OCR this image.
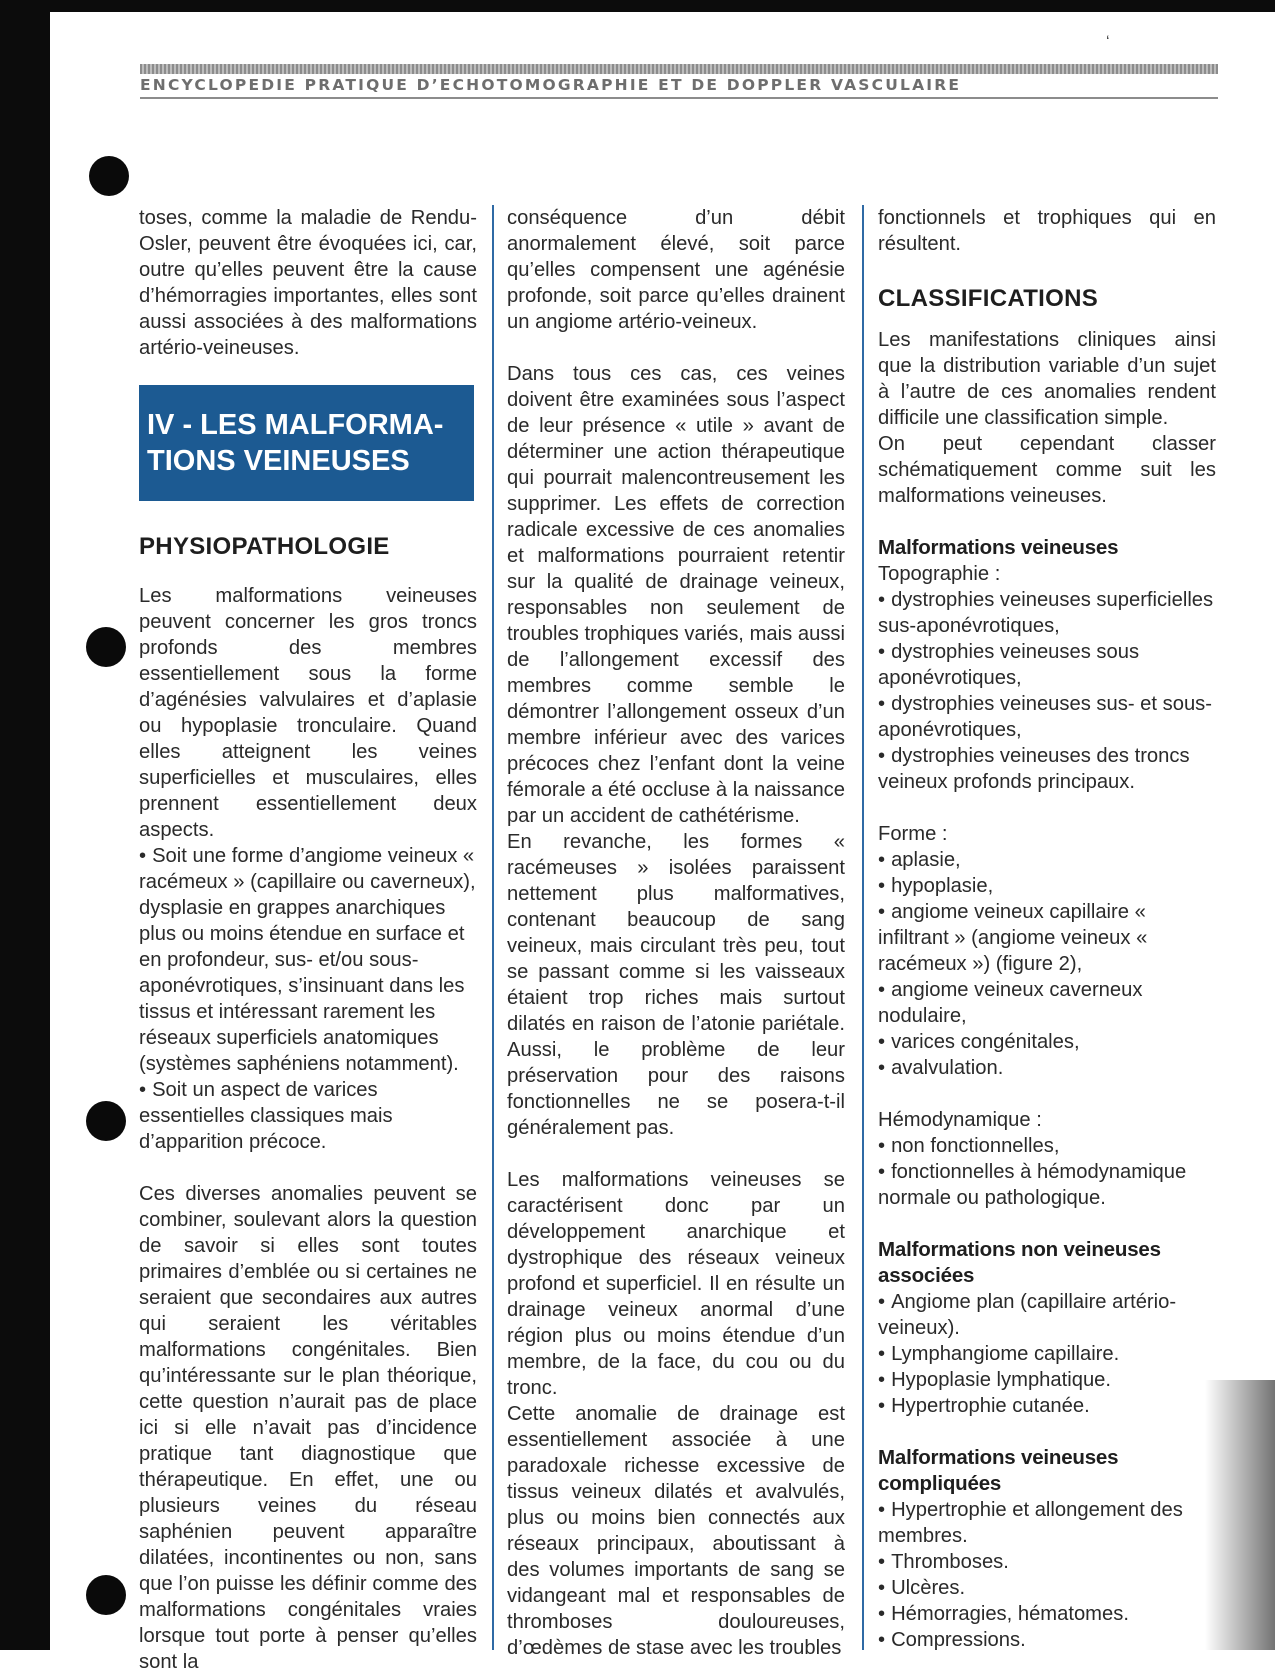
ʻ
ENCYCLOPEDIE PRATIQUE D’ECHOTOMOGRAPHIE ET DE DOPPLER VASCULAIRE

toses, comme la maladie de Rendu-Osler, peuvent être évoquées ici, car, outre qu’elles peuvent être la cause d’hémorragies importantes, elles sont aussi associées à des malformations artério-veineuses.

IV - LES MALFORMA-
TIONS VEINEUSES
PHYSIOPATHOLOGIE

Les malformations veineuses peuvent concerner les gros troncs profonds des membres essentiellement sous la forme d’agénésies valvulaires et d’aplasie ou hypoplasie tronculaire. Quand elles atteignent les veines superficielles et musculaires, elles prennent essentiellement deux aspects.

• Soit une forme d’angiome veineux « racémeux » (capillaire ou caverneux), dysplasie en grappes anarchiques plus ou moins étendue en surface et en profondeur, sus- et/ou sous-aponévrotiques, s’insinuant dans les tissus et intéressant rarement les réseaux superficiels anatomiques (systèmes saphéniens notamment).
• Soit un aspect de varices essentielles classiques mais d’apparition précoce.

Ces diverses anomalies peuvent se combiner, soulevant alors la question de savoir si elles sont toutes primaires d’emblée ou si certaines ne seraient que secondaires aux autres qui seraient les véritables malformations congénitales. Bien qu’intéressante sur le plan théorique, cette question n’aurait pas de place ici si elle n’avait pas d’incidence pratique tant diagnostique que thérapeutique. En effet, une ou plusieurs veines du réseau saphénien peuvent apparaître dilatées, incontinentes ou non, sans que l’on puisse les définir comme des malformations congénitales vraies lorsque tout porte à penser qu’elles sont la

conséquence d’un débit anormalement élevé, soit parce qu’elles compensent une agénésie profonde, soit parce qu’elles drainent un angiome artério-veineux.

Dans tous ces cas, ces veines doivent être examinées sous l’aspect de leur présence « utile » avant de déterminer une action thérapeutique qui pourrait malencontreusement les supprimer. Les effets de correction radicale excessive de ces anomalies et malformations pourraient retentir sur la qualité de drainage veineux, responsables non seulement de troubles trophiques variés, mais aussi de l’allongement excessif des membres comme semble le démontrer l’allongement osseux d’un membre inférieur avec des varices précoces chez l’enfant dont la veine fémorale a été occluse à la naissance par un accident de cathétérisme.

En revanche, les formes « racémeuses » isolées paraissent nettement plus malformatives, contenant beaucoup de sang veineux, mais circulant très peu, tout se passant comme si les vaisseaux étaient trop riches mais surtout dilatés en raison de l’atonie pariétale. Aussi, le problème de leur préservation pour des raisons fonctionnelles ne se posera-t-il généralement pas.

Les malformations veineuses se caractérisent donc par un développement anarchique et dystrophique des réseaux veineux profond et superficiel. Il en résulte un drainage veineux anormal d’une région plus ou moins étendue d’un membre, de la face, du cou ou du tronc.

Cette anomalie de drainage est essentiellement associée à une paradoxale richesse excessive de tissus veineux dilatés et avalvulés, plus ou moins bien connectés aux réseaux principaux, aboutissant à des volumes importants de sang se vidangeant mal et responsables de thromboses douloureuses, d’œdèmes de stase avec les troubles

fonctionnels et trophiques qui en résultent.

CLASSIFICATIONS

Les manifestations cliniques ainsi que la distribution variable d’un sujet à l’autre de ces anomalies rendent difficile une classification simple.

On peut cependant classer schématiquement comme suit les malformations veineuses.

Malformations veineuses
Topographie :
• dystrophies veineuses superficielles sus-aponévrotiques,
• dystrophies veineuses sous aponévrotiques,
• dystrophies veineuses sus- et sous-aponévrotiques,
• dystrophies veineuses des troncs veineux profonds principaux.
Forme :
• aplasie,
• hypoplasie,
• angiome veineux capillaire « infiltrant » (angiome veineux « racémeux ») (figure 2),
• angiome veineux caverneux nodulaire,
• varices congénitales,
• avalvulation.
Hémodynamique :
• non fonctionnelles,
• fonctionnelles à hémodynamique normale ou pathologique.
Malformations non veineuses associées
• Angiome plan (capillaire artério-veineux).
• Lymphangiome capillaire.
• Hypoplasie lymphatique.
• Hypertrophie cutanée.
Malformations veineuses compliquées
• Hypertrophie et allongement des membres.
• Thromboses.
• Ulcères.
• Hémorragies, hématomes.
• Compressions.
